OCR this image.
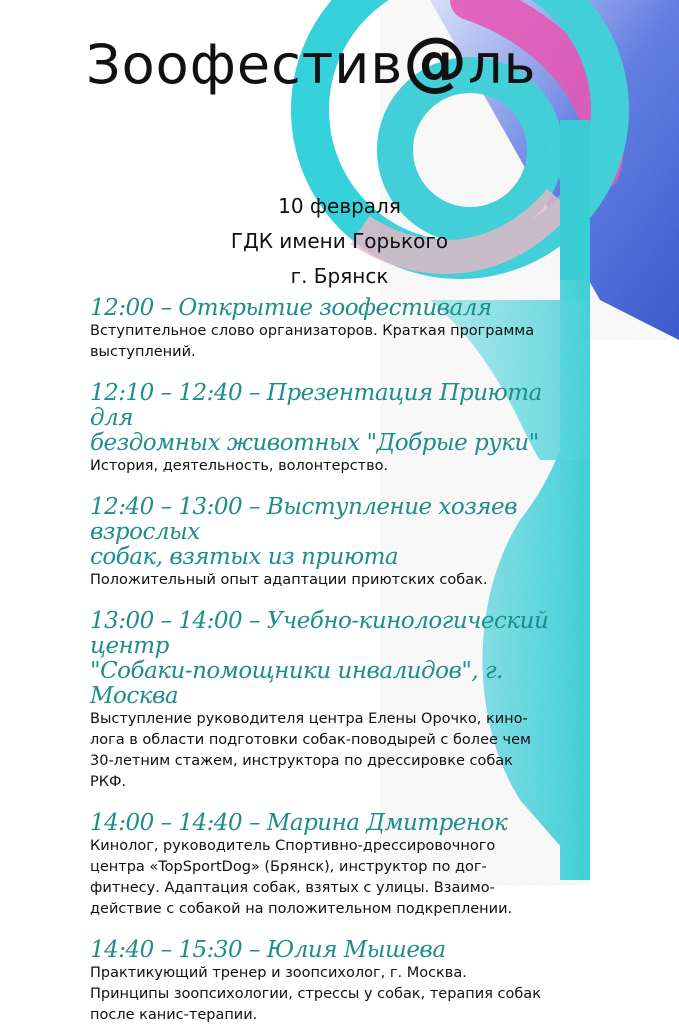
Зоофестив@ль

10 февраля

ГДК имени Горького

г. Брянск

12:00 – Открытие зоофестиваля

Вступительное слово организаторов. Краткая программа
выступлений.

12:10 – 12:40 – Презентация Приюта для
бездомных животных "Добрые руки"

История, деятельность, волонтерство.

12:40 – 13:00 – Выступление хозяев взрослых
собак, взятых из приюта

Положительный опыт адаптации приютских собак.

13:00 – 14:00 – Учебно-кинологический центр
"Собаки-помощники инвалидов", г. Москва

Выступление руководителя центра Елены Орочко, кино-
лога в области подготовки собак-поводырей с более чем
30-летним стажем, инструктора по дрессировке собак
РКФ.

14:00 – 14:40 – Марина Дмитренок

Кинолог, руководитель Спортивно-дрессировочного
центра «TopSportDog» (Брянск), инструктор по дог-
фитнесу. Адаптация собак, взятых с улицы. Взаимо-
действие с собакой на положительном подкреплении.

14:40 – 15:30 – Юлия Мышева

Практикующий тренер и зоопсихолог, г. Москва.
Принципы зоопсихологии, стрессы у собак, терапия собак
после канис-терапии.
